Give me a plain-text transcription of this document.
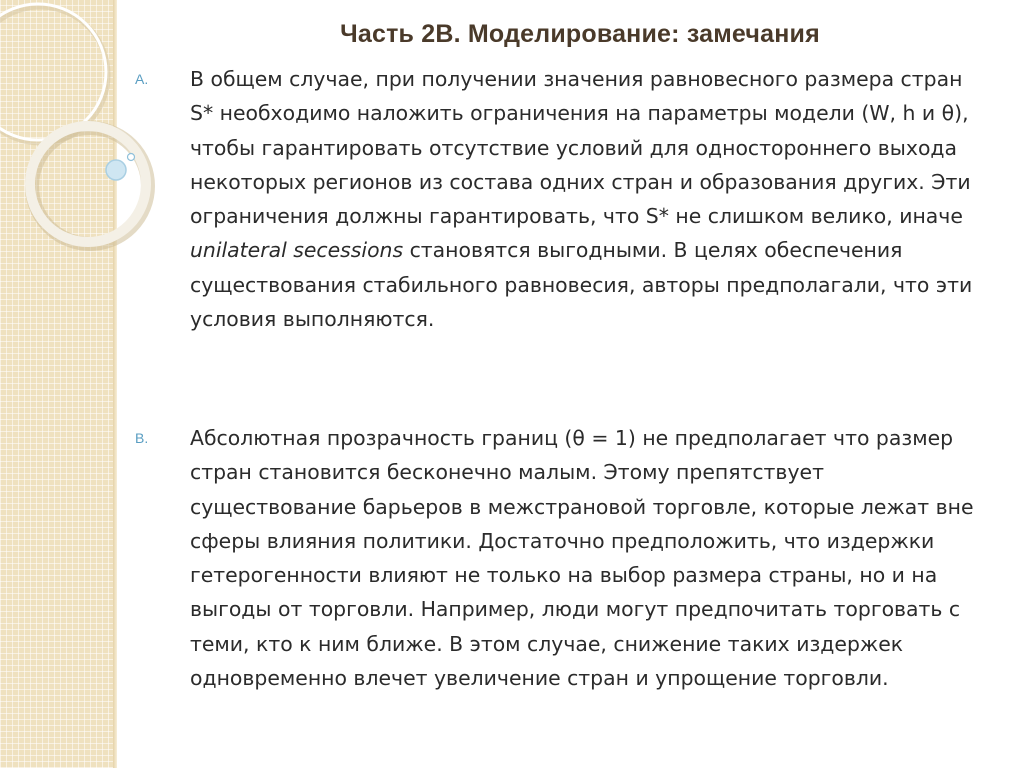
Часть 2В. Моделирование: замечания
A. В общем случае, при получении значения равновесного размера стран S* необходимо наложить ограничения на параметры модели (W, h и θ), чтобы гарантировать отсутствие условий для одностороннего выхода некоторых регионов из состава одних стран и образования других. Эти ограничения должны гарантировать, что S* не слишком велико, иначе unilateral secessions становятся выгодными. В целях обеспечения существования стабильного равновесия, авторы предполагали, что эти условия выполняются.
B. Абсолютная прозрачность границ (θ = 1) не предполагает что размер стран становится бесконечно малым. Этому препятствует существование барьеров в межстрановой торговле, которые лежат вне сферы влияния политики. Достаточно предположить, что издержки гетерогенности влияют не только на выбор размера страны, но и на выгоды от торговли. Например, люди могут предпочитать торговать с теми, кто к ним ближе. В этом случае, снижение таких издержек одновременно влечет увеличение стран и упрощение торговли.
